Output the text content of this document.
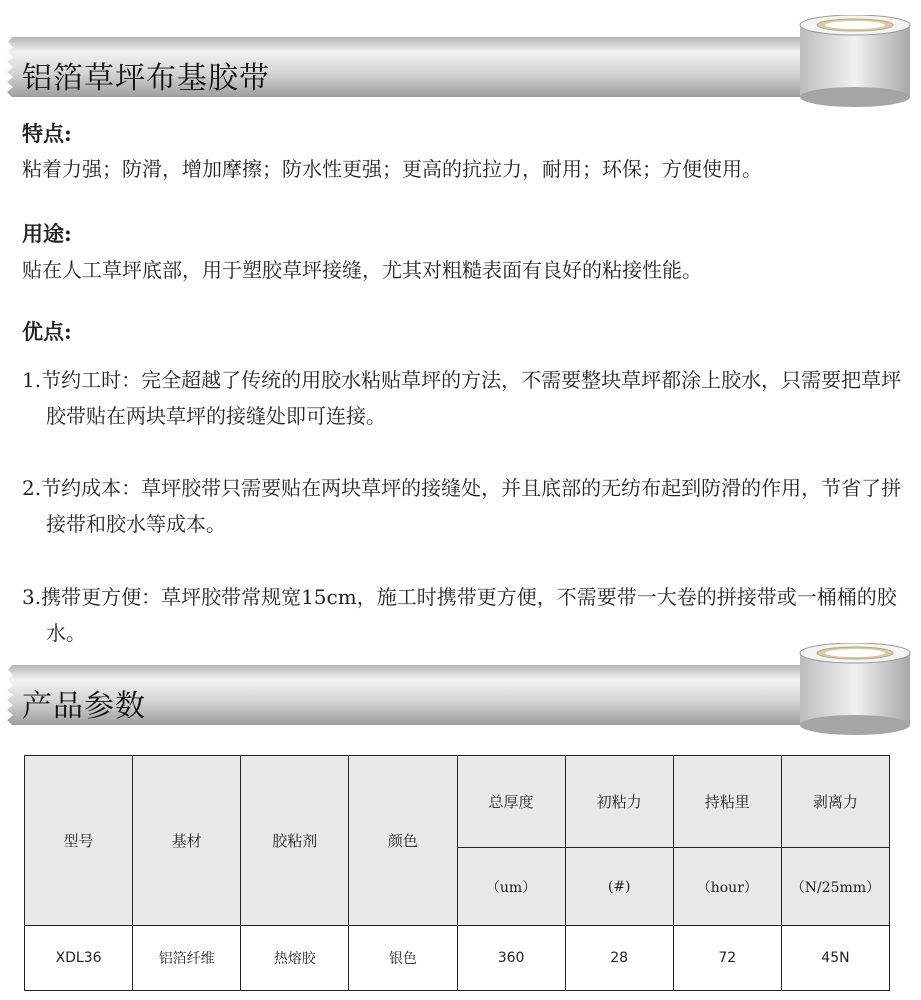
铝箔草坪布基胶带
特点:
粘着力强；防滑，增加摩擦；防水性更强；更高的抗拉力，耐用；环保；方便使用。
用途:
贴在人工草坪底部，用于塑胶草坪接缝，尤其对粗糙表面有良好的粘接性能。
优点:
1.节约工时：完全超越了传统的用胶水粘贴草坪的方法，不需要整块草坪都涂上胶水，只需要把草坪胶带贴在两块草坪的接缝处即可连接。
2.节约成本：草坪胶带只需要贴在两块草坪的接缝处，并且底部的无纺布起到防滑的作用，节省了拼接带和胶水等成本。
3.携带更方便：草坪胶带常规宽15cm，施工时携带更方便，不需要带一大卷的拼接带或一桶桶的胶水。
产品参数
型号	基材	胶粘剂	颜色	总厚度	初粘力	持粘里	剥离力
				（um）	(#)	（hour）	（N/25mm）
XDL36	铝箔纤维	热熔胶	银色	360	28	72	45N
